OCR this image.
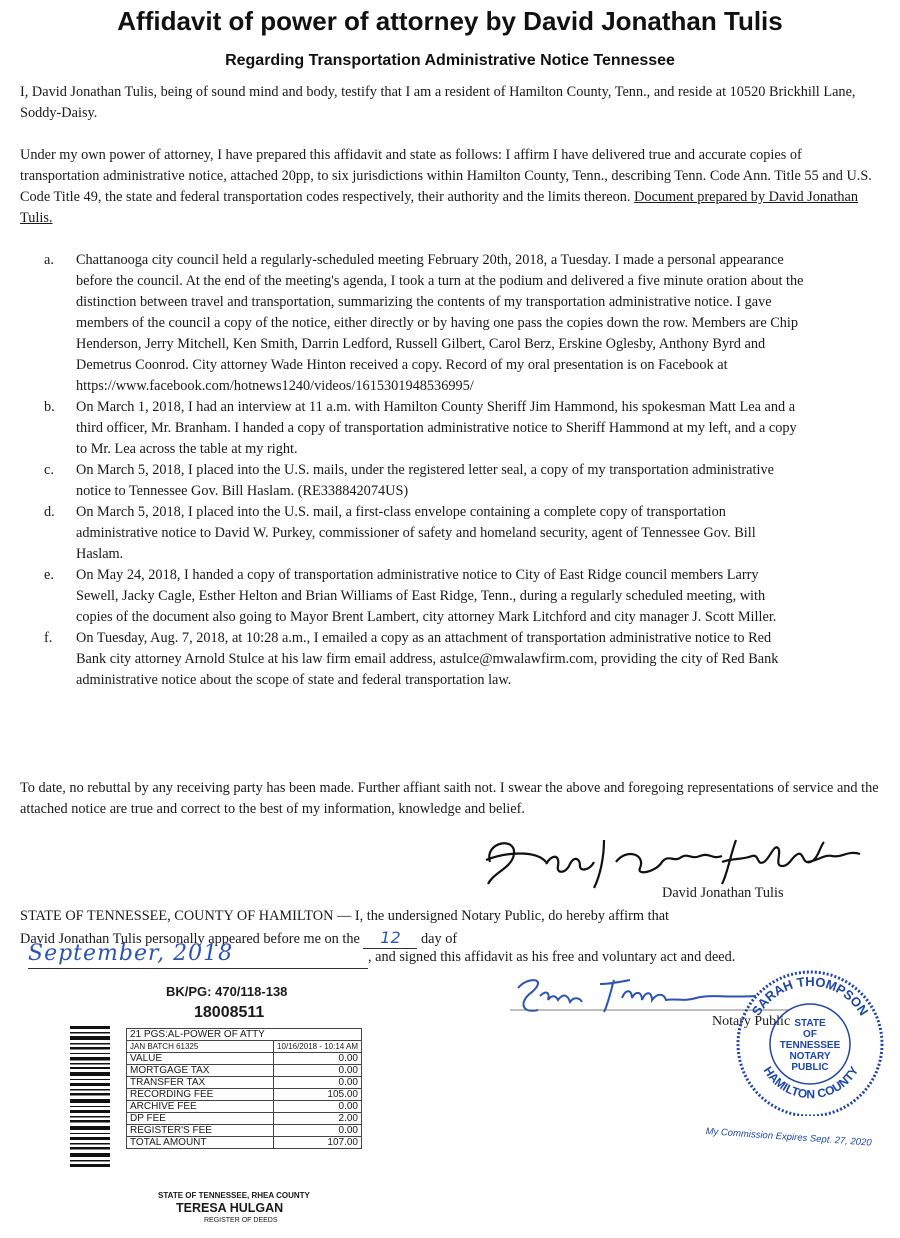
Affidavit of power of attorney by David Jonathan Tulis
Regarding Transportation Administrative Notice Tennessee

I, David Jonathan Tulis, being of sound mind and body, testify that I am a resident of Hamilton County, Tenn., and reside at 10520 Brickhill Lane, Soddy-Daisy.

Under my own power of attorney, I have prepared this affidavit and state as follows: I affirm I have delivered true and accurate copies of transportation administrative notice, attached 20pp, to six jurisdictions within Hamilton County, Tenn., describing Tenn. Code Ann. Title 55 and U.S. Code Title 49, the state and federal transportation codes respectively, their authority and the limits thereon. Document prepared by David Jonathan Tulis.

a. Chattanooga city council held a regularly-scheduled meeting February 20th, 2018, a Tuesday. I made a personal appearance before the council. At the end of the meeting's agenda, I took a turn at the podium and delivered a five minute oration about the distinction between travel and transportation, summarizing the contents of my transportation administrative notice. I gave members of the council a copy of the notice, either directly or by having one pass the copies down the row. Members are Chip Henderson, Jerry Mitchell, Ken Smith, Darrin Ledford, Russell Gilbert, Carol Berz, Erskine Oglesby, Anthony Byrd and Demetrus Coonrod. City attorney Wade Hinton received a copy. Record of my oral presentation is on Facebook at https://www.facebook.com/hotnews1240/videos/1615301948536995/
b. On March 1, 2018, I had an interview at 11 a.m. with Hamilton County Sheriff Jim Hammond, his spokesman Matt Lea and a third officer, Mr. Branham. I handed a copy of transportation administrative notice to Sheriff Hammond at my left, and a copy to Mr. Lea across the table at my right.
c. On March 5, 2018, I placed into the U.S. mails, under the registered letter seal, a copy of my transportation administrative notice to Tennessee Gov. Bill Haslam. (RE338842074US)
d. On March 5, 2018, I placed into the U.S. mail, a first-class envelope containing a complete copy of transportation administrative notice to David W. Purkey, commissioner of safety and homeland security, agent of Tennessee Gov. Bill Haslam.
e. On May 24, 2018, I handed a copy of transportation administrative notice to City of East Ridge council members Larry Sewell, Jacky Cagle, Esther Helton and Brian Williams of East Ridge, Tenn., during a regularly scheduled meeting, with copies of the document also going to Mayor Brent Lambert, city attorney Mark Litchford and city manager J. Scott Miller.
f. On Tuesday, Aug. 7, 2018, at 10:28 a.m., I emailed a copy as an attachment of transportation administrative notice to Red Bank city attorney Arnold Stulce at his law firm email address, astulce@mwalawfirm.com, providing the city of Red Bank administrative notice about the scope of state and federal transportation law.

To date, no rebuttal by any receiving party has been made. Further affiant saith not. I swear the above and foregoing representations of service and the attached notice are true and correct to the best of my information, knowledge and belief.

David Jonathan Tulis
STATE OF TENNESSEE, COUNTY OF HAMILTON — I, the undersigned Notary Public, do hereby affirm that
David Jonathan Tulis personally appeared before me on the 12 day of
September, 2018	, and signed this affidavit as his free and voluntary act and deed.
Notary Public
SARAH THOMPSON
HAMILTON COUNTY
STATE
OF
TENNESSEE
NOTARY
PUBLIC
My Commission Expires Sept. 27, 2020
BK/PG: 470/118-138
18008511
21 PGS:AL-POWER OF ATTY	
JAN BATCH 61325	10/16/2018 - 10:14 AM
VALUE	0.00
MORTGAGE TAX	0.00
TRANSFER TAX	0.00
RECORDING FEE	105.00
ARCHIVE FEE	0.00
DP FEE	2.00
REGISTER'S FEE	0.00
TOTAL AMOUNT	107.00
STATE OF TENNESSEE, RHEA COUNTY
TERESA HULGAN
REGISTER OF DEEDS
